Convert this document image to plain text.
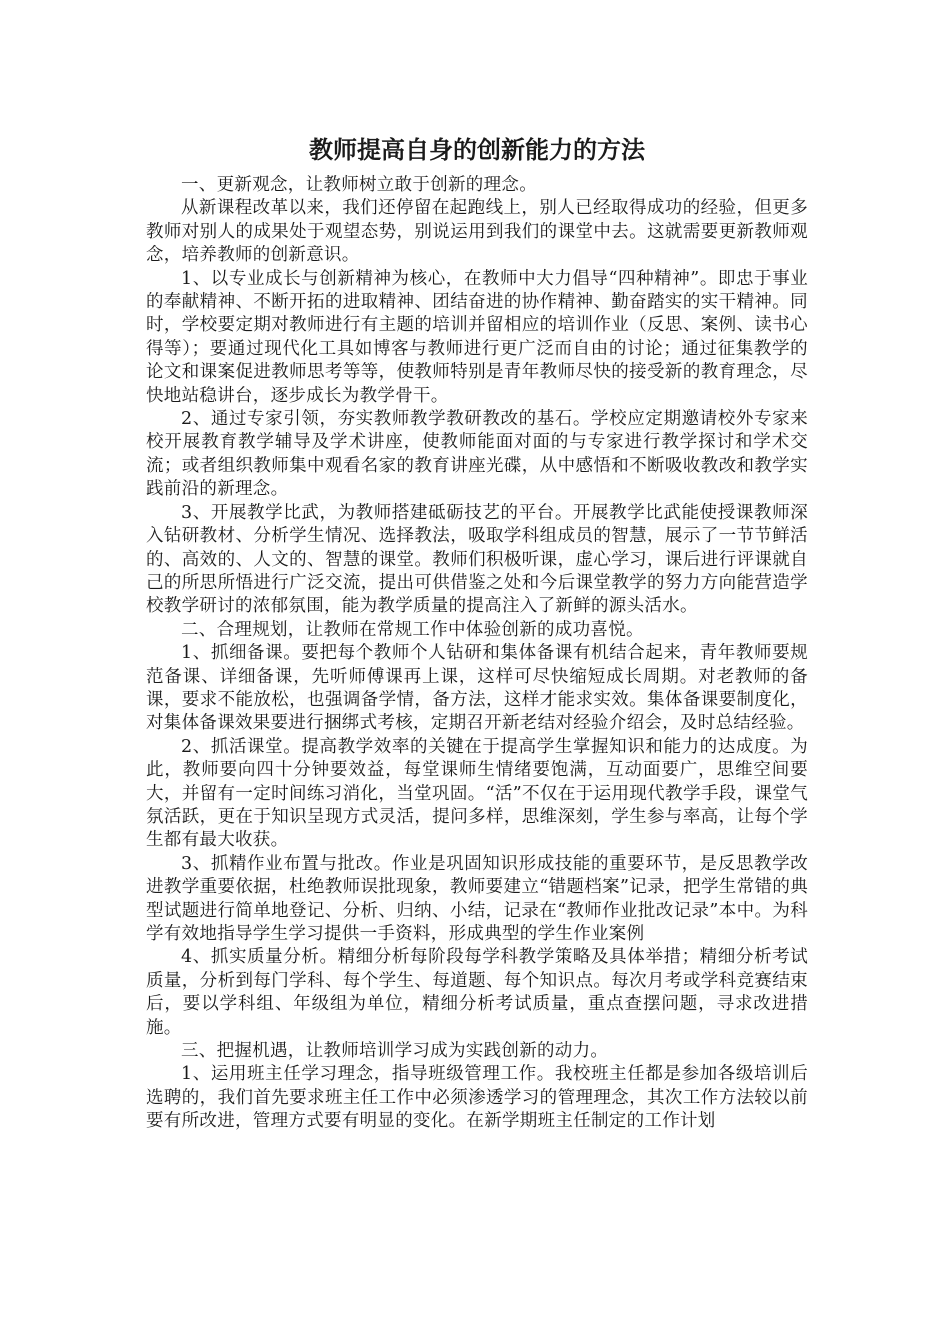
教师提高自身的创新能力的方法

一、更新观念，让教师树立敢于创新的理念。

从新课程改革以来，我们还停留在起跑线上，别人已经取得成功的经验，但更多教师对别人的成果处于观望态势，别说运用到我们的课堂中去。这就需要更新教师观念，培养教师的创新意识。

1、以专业成长与创新精神为核心，在教师中大力倡导“四种精神”。即忠于事业的奉献精神、不断开拓的进取精神、团结奋进的协作精神、勤奋踏实的实干精神。同时，学校要定期对教师进行有主题的培训并留相应的培训作业（反思、案例、读书心得等）；要通过现代化工具如博客与教师进行更广泛而自由的讨论；通过征集教学的论文和课案促进教师思考等等，使教师特别是青年教师尽快的接受新的教育理念，尽快地站稳讲台，逐步成长为教学骨干。

2、通过专家引领，夯实教师教学教研教改的基石。学校应定期邀请校外专家来校开展教育教学辅导及学术讲座，使教师能面对面的与专家进行教学探讨和学术交流；或者组织教师集中观看名家的教育讲座光碟，从中感悟和不断吸收教改和教学实践前沿的新理念。

3、开展教学比武，为教师搭建砥砺技艺的平台。开展教学比武能使授课教师深入钻研教材、分析学生情况、选择教法，吸取学科组成员的智慧，展示了一节节鲜活的、高效的、人文的、智慧的课堂。教师们积极听课，虚心学习，课后进行评课就自己的所思所悟进行广泛交流，提出可供借鉴之处和今后课堂教学的努力方向能营造学校教学研讨的浓郁氛围，能为教学质量的提高注入了新鲜的源头活水。

二、合理规划，让教师在常规工作中体验创新的成功喜悦。

1、抓细备课。要把每个教师个人钻研和集体备课有机结合起来，青年教师要规范备课、详细备课，先听师傅课再上课，这样可尽快缩短成长周期。对老教师的备课，要求不能放松，也强调备学情，备方法，这样才能求实效。集体备课要制度化，对集体备课效果要进行捆绑式考核，定期召开新老结对经验介绍会，及时总结经验。

2、抓活课堂。提高教学效率的关键在于提高学生掌握知识和能力的达成度。为此，教师要向四十分钟要效益，每堂课师生情绪要饱满，互动面要广，思维空间要大，并留有一定时间练习消化，当堂巩固。“活”不仅在于运用现代教学手段，课堂气氛活跃，更在于知识呈现方式灵活，提问多样，思维深刻，学生参与率高，让每个学生都有最大收获。

3、抓精作业布置与批改。作业是巩固知识形成技能的重要环节，是反思教学改进教学重要依据，杜绝教师误批现象，教师要建立“错题档案”记录，把学生常错的典型试题进行简单地登记、分析、归纳、小结，记录在“教师作业批改记录”本中。为科学有效地指导学生学习提供一手资料，形成典型的学生作业案例

4、抓实质量分析。精细分析每阶段每学科教学策略及具体举措；精细分析考试质量，分析到每门学科、每个学生、每道题、每个知识点。每次月考或学科竞赛结束后，要以学科组、年级组为单位，精细分析考试质量，重点查摆问题，寻求改进措施。

三、把握机遇，让教师培训学习成为实践创新的动力。

1、运用班主任学习理念，指导班级管理工作。我校班主任都是参加各级培训后选聘的，我们首先要求班主任工作中必须渗透学习的管理理念，其次工作方法较以前要有所改进，管理方式要有明显的变化。在新学期班主任制定的工作计划
